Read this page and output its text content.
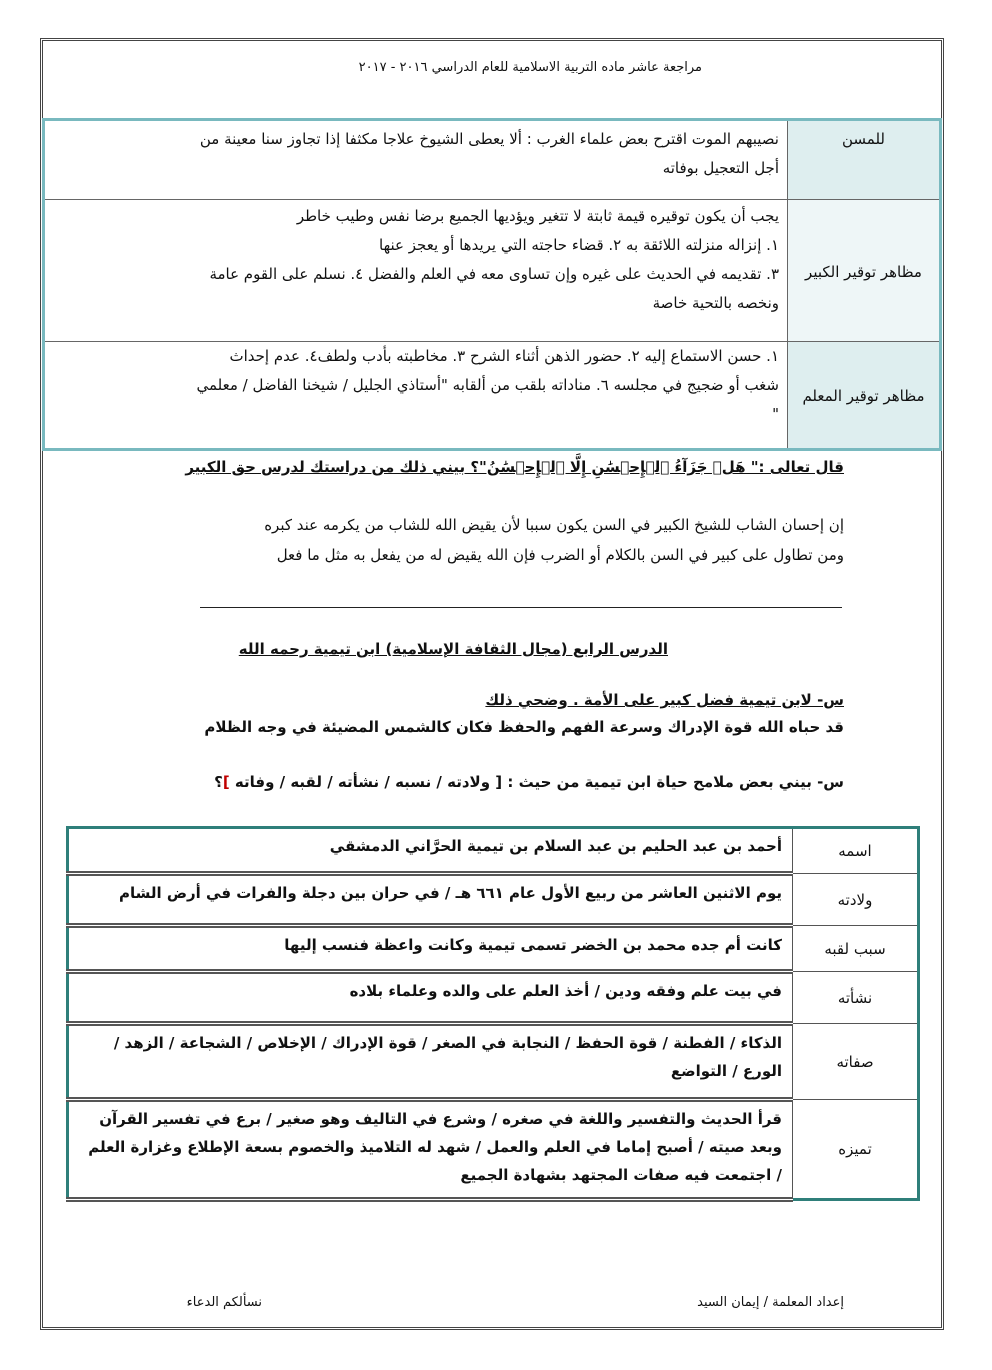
مراجعة عاشر ماده التربية الاسلامية للعام الدراسي ٢٠١٦ - ٢٠١٧
للمسن	نصيبهم الموت اقترح بعض علماء الغرب : ألا يعطى الشيوخ علاجا مكثفا إذا تجاوز سنا معينة من
أجل التعجيل بوفاته

مظاهر توقير الكبير	يجب أن يكون توقيره قيمة ثابتة لا تتغير ويؤديها الجميع برضا نفس وطيب خاطر
١. إنزاله منزلته اللائقة به ٢. قضاء حاجته التي يريدها أو يعجز عنها
٣. تقديمه في الحديث على غيره وإن تساوى معه في العلم والفضل ٤. نسلم على القوم عامة
ونخصه بالتحية خاصة

مظاهر توقير المعلم	١. حسن الاستماع إليه ٢. حضور الذهن أثناء الشرح ٣. مخاطبته بأدب ولطف٤. عدم إحداث
شغب أو ضجيج في مجلسه ٦. مناداته بلقب من ألقابه "أستاذي الجليل / شيخنا الفاضل / معلمي
"
قال تعالى :" هَلۡ جَزَآءُ ٱلۡإِحۡسَٰنِ إِلَّا ٱلۡإِحۡسَٰنُ"؟ بيني ذلك من دراستك لدرس حق الكبير
إن إحسان الشاب للشيخ الكبير في السن يكون سببا لأن يقيض الله للشاب من يكرمه عند كبره
ومن تطاول على كبير في السن بالكلام أو الضرب فإن الله يقيض له من يفعل به مثل ما فعل
الدرس الرابع (مجال الثقافة الإسلامية) ابن تيمية رحمه الله
س- لابن تيمية فضل كبير على الأمة . وضحي ذلك
قد حباه الله قوة الإدراك وسرعة الفهم والحفظ فكان كالشمس المضيئة في وجه الظلام
س- بيني بعض ملامح حياة ابن تيمية من حيث : [ ولادته / نسبه / نشأته / لقبه / وفاته ]؟
اسمه	أحمد بن عبد الحليم بن عبد السلام بن تيمية الحرَّاني الدمشقي
ولادته	يوم الاثنين العاشر من ربيع الأول عام ٦٦١ هـ / في حران بين دجلة والفرات في أرض الشام
سبب لقبه	كانت أم جده محمد بن الخضر تسمى تيمية وكانت واعظة فنسب إليها
نشأته	في بيت علم وفقه ودين / أخذ العلم على والده وعلماء بلاده
صفاته	الذكاء / الفطنة / قوة الحفظ / النجابة في الصغر / قوة الإدراك / الإخلاص / الشجاعة / الزهد / الورع / التواضع
تميزه	قرأ الحديث والتفسير واللغة في صغره / وشرع في التاليف وهو صغير / برع في تفسير القرآن وبعد صيته / أصبح إماما في العلم والعمل / شهد له التلاميذ والخصوم بسعة الإطلاع وغزارة العلم / اجتمعت فيه صفات المجتهد بشهادة الجميع
إعداد المعلمة / إيمان السيد
نسألكم الدعاء
